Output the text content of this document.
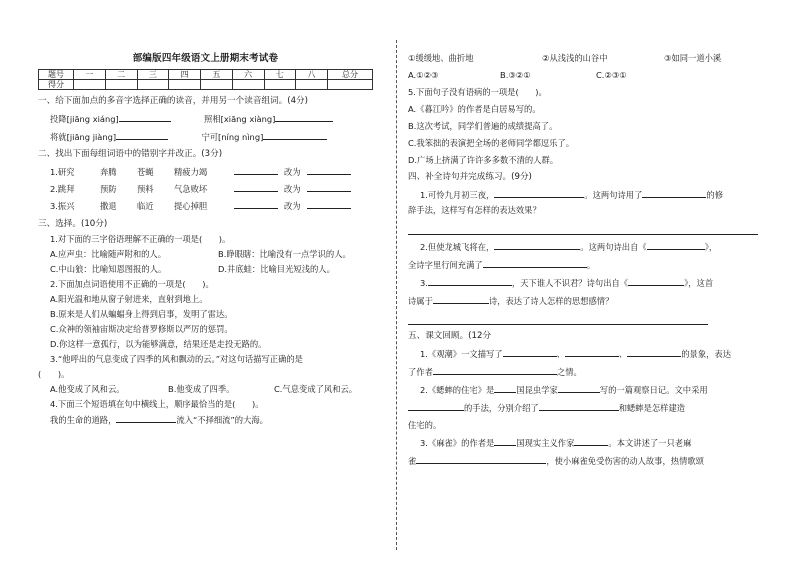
部编版四年级语文上册期末考试卷
题号	一	二	三	四	五	六	七	八	总分
得分									
一、给下面加点的多音字选择正确的读音，并用另一个读音组词。(4分)
投降[jiāng xiáng]	照相[xiāng xiàng]
将就[jiāng jiàng]	宁可[níng nìng]
二、找出下面每组词语中的错别字并改正。(3分)
1.研究	奔腾	苍蝇	精疲力竭	改为
2.跳拜	预防	预料	气急败坏	改为
3.振兴	撒退	临近	提心掉胆	改为
三、选择。(10分)
1.对下面的三字俗语理解不正确的一项是(　　)。
A.应声虫：比喻随声附和的人。	B.睁眼瞎：比喻没有一点学识的人。
C.中山狼：比喻知恩图报的人。	D.井底蛙：比喻目光短浅的人。
2.下面加点词语使用不正确的一项是(　　)。
A.阳光温和地从窗子射进来，直射到地上。
B.原来是人们从蝙蝠身上得到启事，发明了雷达。
C.众神的领袖宙斯决定给普罗修斯以严厉的惩罚。
D.你这样一意孤行，以为能够满意，结果还是走投无路的。
3.“他呼出的气息变成了四季的风和飘动的云。”对这句话描写正确的是
(　　)。
A.他变成了风和云。	B.他变成了四季。	C.气息变成了风和云。
4.下面三个短语填在句中横线上，顺序最恰当的是(　　)。
我的生命的道路，	流入“不择细流”的大海。
①缓缓地、曲折地	②从浅浅的山谷中	③如同一道小溪
A.①②③	B.③②①	C.②③①
5.下面句子没有语病的一项是(　　)。
A.《暮江吟》的作者是白居易写的。
B.这次考试，同学们普遍的成绩提高了。
C.我笨拙的表演把全场的老师同学都逗乐了。
D.广场上挤满了许许多多数不清的人群。
四、补全诗句并完成练习。(9分)
1.可怜九月初三夜，	。这两句诗用了	的修
辞手法，这样写有怎样的表达效果？
2.但使龙城飞将在，	。这两句诗出自《	》，
全诗字里行间充满了	。
3.	，天下谁人不识君？诗句出自《	》，这首
诗属于	诗，表达了诗人怎样的思想感情？
五、课文回顾。(12分
1.《观潮》一文描写了	、	、	的景象，表达
了作者	之情。
2.《蟋蟀的住宅》是	国昆虫学家	写的一篇观察日记。文中采用
的手法，分别介绍了	和蟋蟀是怎样建造
住宅的。
3.《麻雀》的作者是	国现实主义作家	。本文讲述了一只老麻
雀	，使小麻雀免受伤害的动人故事，热情歌颂
